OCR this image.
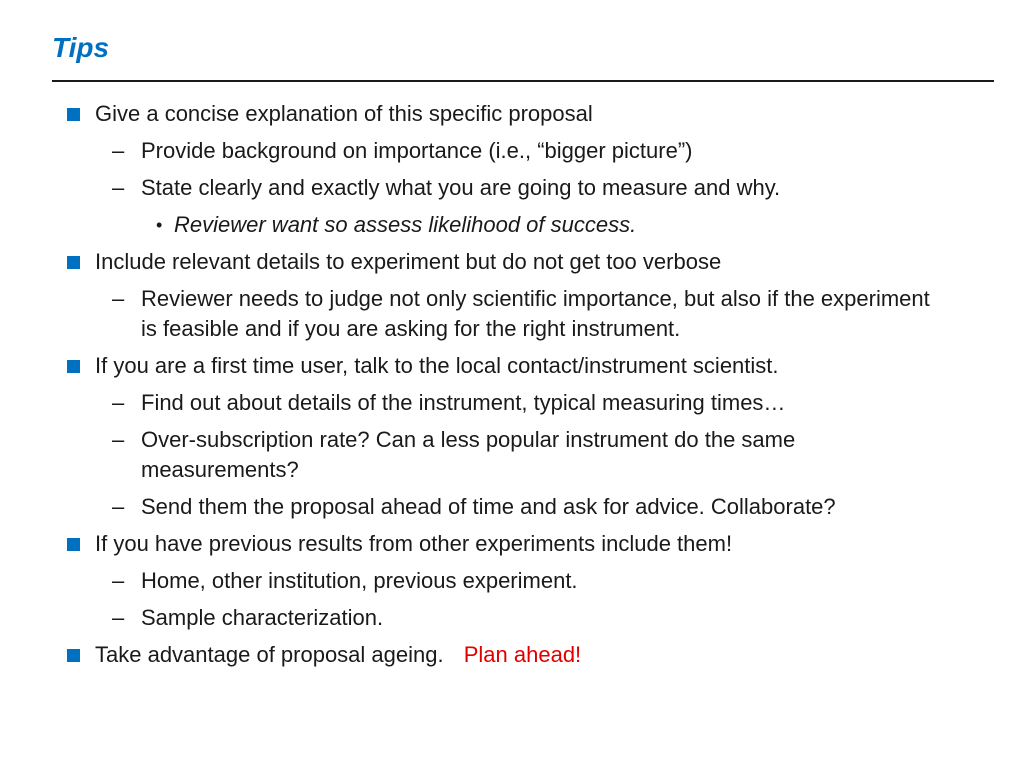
Tips
Give a concise explanation of this specific proposal
– Provide background on importance (i.e., “bigger picture”)
– State clearly and exactly what you are going to measure and why.
• Reviewer want so assess likelihood of success.
Include relevant details to experiment but do not get too verbose
– Reviewer needs to judge not only scientific importance, but also if the experiment is feasible and if you are asking for the right instrument.
If you are a first time user, talk to the local contact/instrument scientist.
– Find out about details of the instrument, typical measuring times…
– Over-subscription rate? Can a less popular instrument do the same measurements?
– Send them the proposal ahead of time and ask for advice. Collaborate?
If you have previous results from other experiments include them!
– Home, other institution, previous experiment.
– Sample characterization.
Take advantage of proposal ageing. Plan ahead!
